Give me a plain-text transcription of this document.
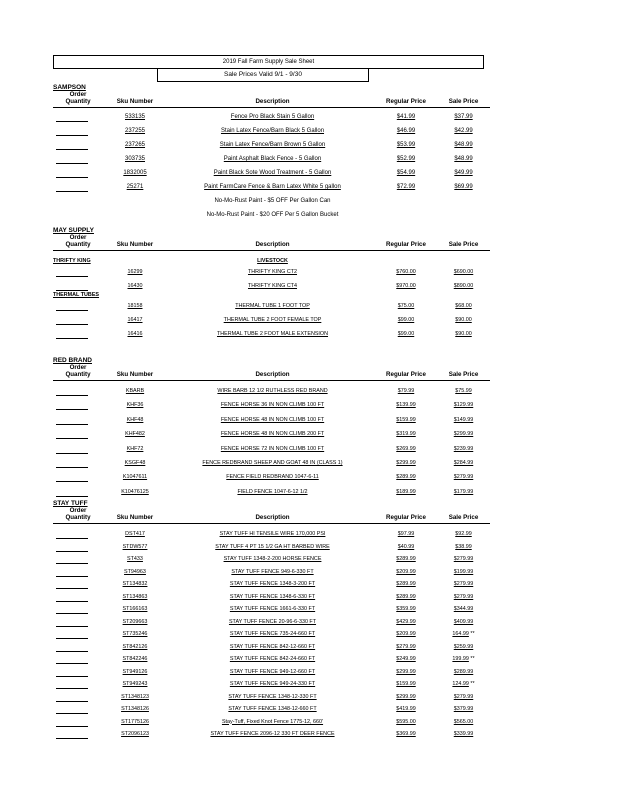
2019 Fall Farm Supply Sale Sheet
Sale Prices Valid 9/1 - 9/30
SAMPSON
Order
Quantity	Sku Number	Description	Regular Price	Sale Price
533135	Fence Pro Black Stain 5 Gallon	$41.99	$37.99
237255	Stain Latex Fence/Barn Black 5 Gallon	$46.99	$42.99
237265	Stain Latex Fence/Barn Brown 5 Gallon	$53.99	$48.99
303735	Paint Asphalt Black Fence - 5 Gallon	$52.99	$48.99
1832005	Paint Black Sote Wood Treatment - 5 Gallon	$54.99	$49.99
25271	Paint FarmCare Fence & Barn Latex White 5 gallon	$72.99	$69.99
No-Mo-Rust Paint - $5 OFF Per Gallon Can
No-Mo-Rust Paint - $20 OFF Per 5 Gallon Bucket
MAY SUPPLY
Order
Quantity	Sku Number	Description	Regular Price	Sale Price
THRIFTY KING	LIVESTOCK
16299	THRIFTY KING CT2	$760.00	$690.00
16430	THRIFTY KING CT4	$970.00	$890.00
THERMAL TUBES
18158	THERMAL TUBE 1 FOOT TOP	$75.00	$68.00
16417	THERMAL TUBE 2 FOOT FEMALE TOP	$99.00	$90.00
16416	THERMAL TUBE 2 FOOT MALE EXTENSION	$99.00	$90.00
RED BRAND
Order
Quantity	Sku Number	Description	Regular Price	Sale Price
KBARB	WIRE BARB 12 1/2 RUTHLESS RED BRAND	$79.99	$75.99
KHF36	FENCE HORSE 36 IN NON CLIMB 100 FT	$139.99	$129.99
KHF48	FENCE HORSE 48 IN NON CLIMB 100 FT	$159.99	$149.99
KHF482	FENCE HORSE 48 IN NON CLIMB 200 FT	$319.99	$299.99
KHF72	FENCE HORSE 72 IN NON CLIMB 100 FT	$269.99	$239.99
KSGF48	FENCE REDBRAND SHEEP AND GOAT 48 IN (CLASS 1)	$299.99	$284.99
K1047611	FENCE FIELD REDBRAND 1047-6-11	$289.99	$279.99
K10476125	FIELD FENCE 1047-6-12 1/2	$189.99	$179.99
STAY TUFF
Order
Quantity	Sku Number	Description	Regular Price	Sale Price
DST417	STAY TUFF HI TENSILE WIRE 170,000 PSI	$97.99	$92.99
STDW577	STAY TUFF 4 PT 15 1/2 GA HT BARBED WIRE	$40.99	$38.99
ST433	STAY TUFF 1348-2-200 HORSE FENCE	$289.99	$279.99
ST94963	STAY TUFF FENCE 949-6-330 FT	$209.99	$199.99
ST134832	STAY TUFF FENCE 1348-3-200 FT	$289.99	$279.99
ST134863	STAY TUFF FENCE 1348-6-330 FT	$289.99	$279.99
ST166163	STAY TUFF FENCE 1661-6-330 FT	$359.99	$344.99
ST209663	STAY TUFF FENCE 20-96-6-330 FT	$429.99	$409.99
ST735246	STAY TUFF FENCE 735-24-660 FT	$209.99	164.99 **
ST842126	STAY TUFF FENCE 842-12-660 FT	$279.99	$259.99
ST842246	STAY TUFF FENCE 842-24-660 FT	$249.99	199.99 **
ST949126	STAY TUFF FENCE 949-12-660 FT	$299.99	$289.99
ST949243	STAY TUFF FENCE 949-24-330 FT	$159.99	124.99 **
ST1348123	STAY TUFF FENCE 1348-12-330 FT	$299.99	$279.99
ST1348126	STAY TUFF FENCE 1348-12-660 FT	$419.99	$379.99
ST1775126	Stay-Tuff, Fixed Knot Fence 1775-12, 660'	$595.00	$565.00
ST2096123	STAY TUFF FENCE 2096-12 330 FT DEER FENCE	$369.99	$339.99
